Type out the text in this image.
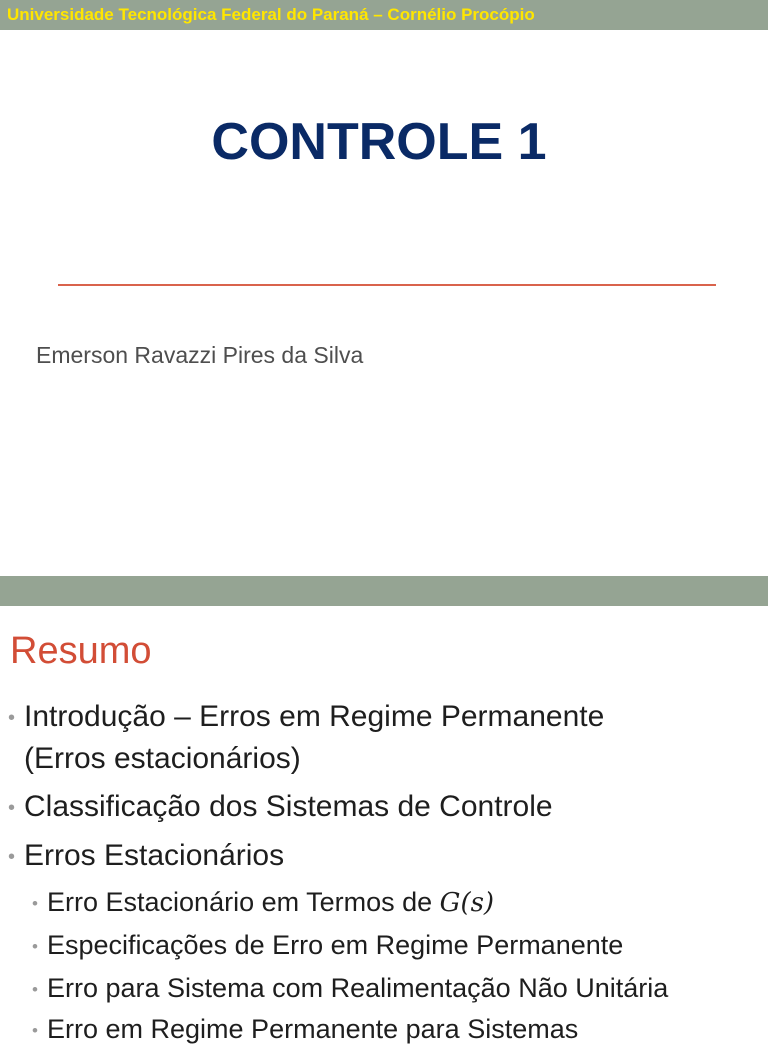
Universidade Tecnológica Federal do Paraná – Cornélio Procópio
CONTROLE 1
Emerson Ravazzi Pires da Silva
Resumo
• Introdução – Erros em Regime Permanente
(Erros estacionários)
• Classificação dos Sistemas de Controle
• Erros Estacionários
• Erro Estacionário em Termos de G(s)
• Especificações de Erro em Regime Permanente
• Erro para Sistema com Realimentação Não Unitária
• Erro em Regime Permanente para Sistemas
